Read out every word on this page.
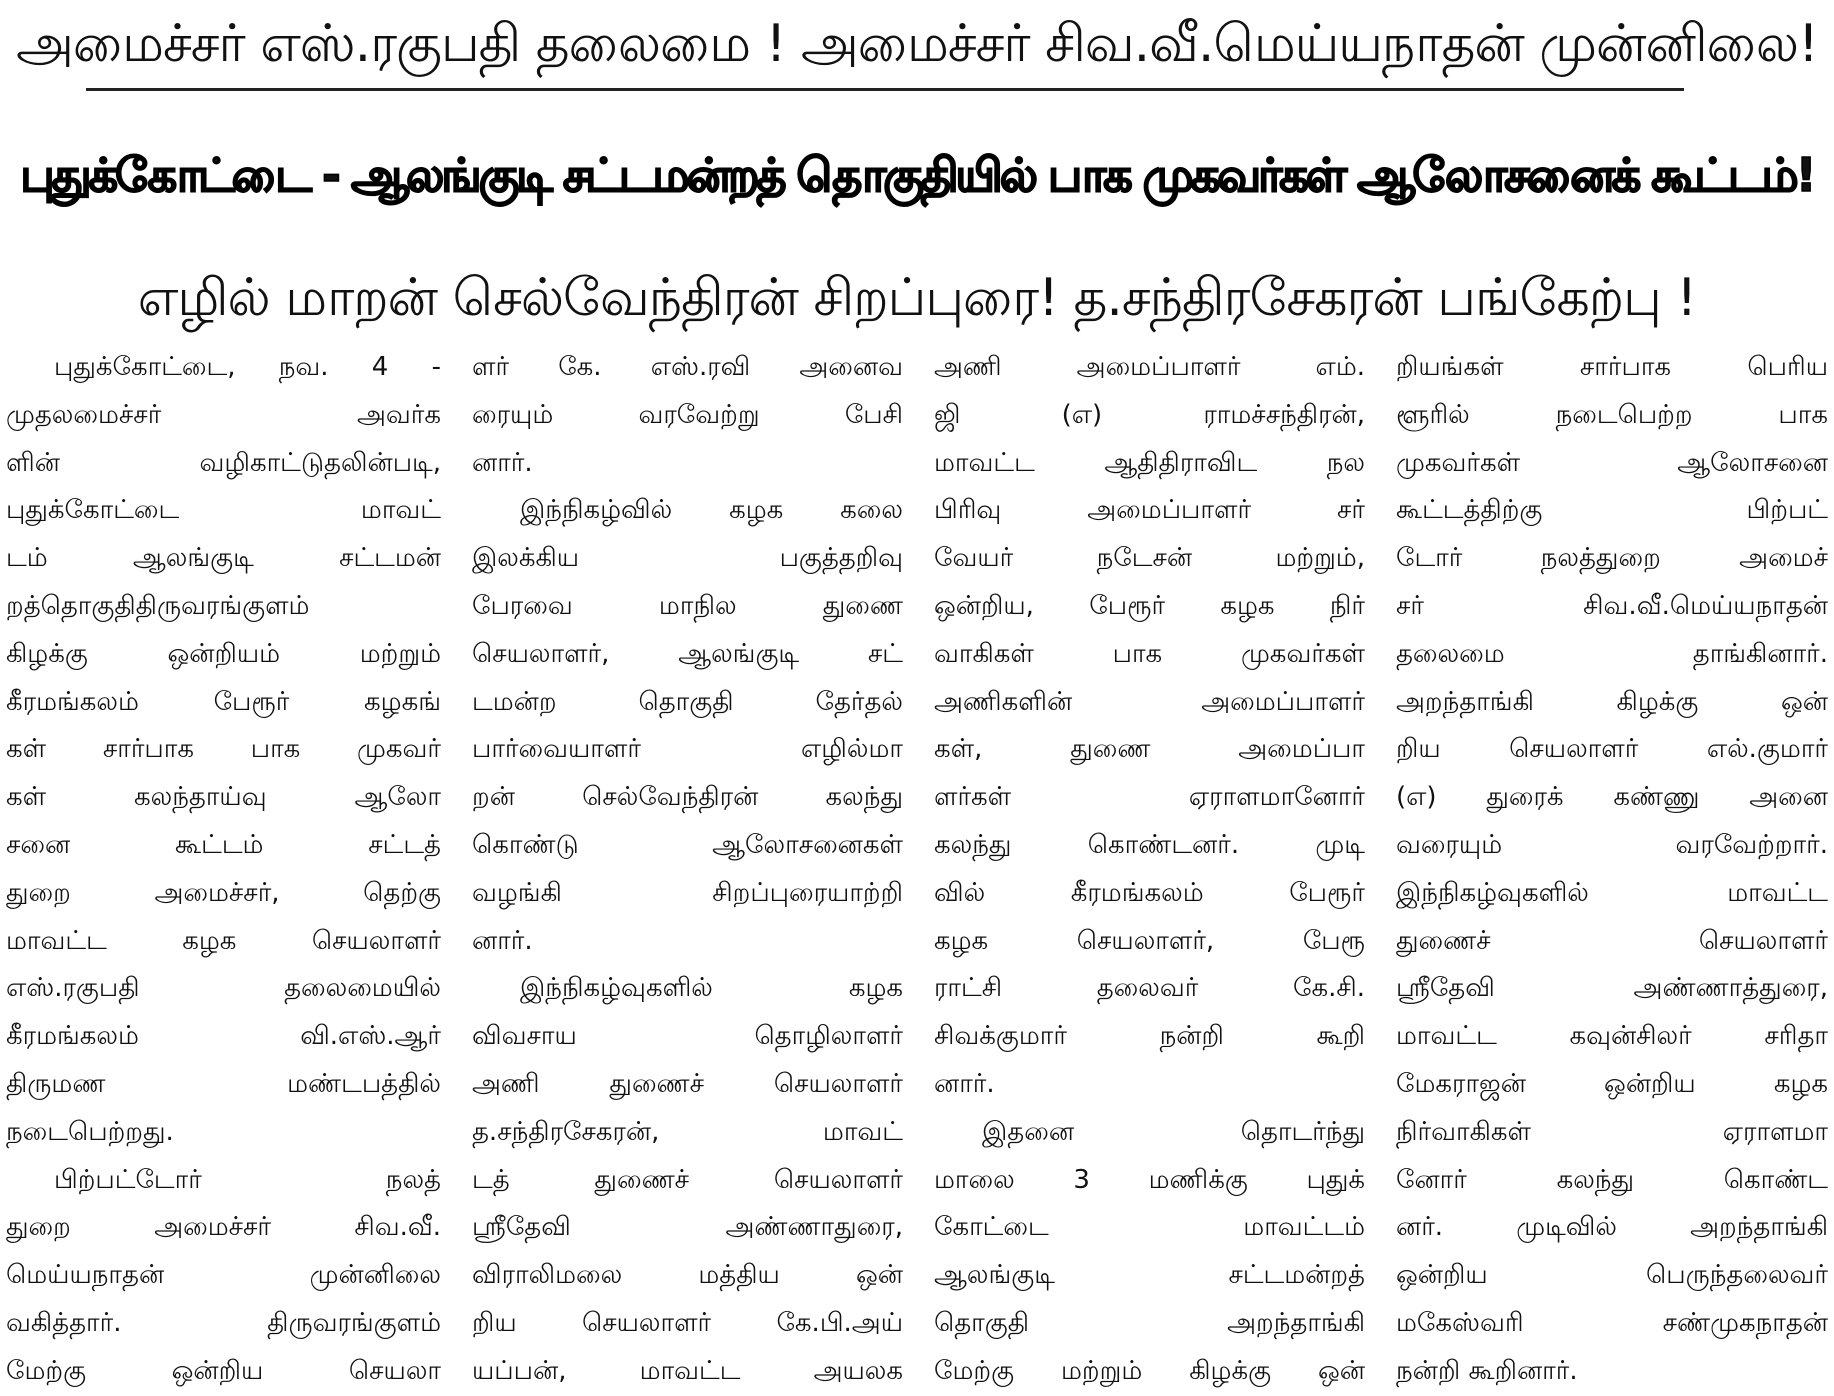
அமைச்சர் எஸ்.ரகுபதி தலைமை ! அமைச்சர் சிவ.வீ.மெய்யநாதன் முன்னிலை!
புதுக்கோட்டை - ஆலங்குடி சட்டமன்றத் தொகுதியில் பாக முகவர்கள் ஆலோசனைக் கூட்டம்!
எழில் மாறன் செல்வேந்திரன் சிறப்புரை! த.சந்திரசேகரன் பங்கேற்பு !
புதுக்கோட்டை, நவ. 4 -
முதலமைச்சர் அவர்க
ளின் வழிகாட்டுதலின்படி,
புதுக்கோட்டை மாவட்
டம் ஆலங்குடி சட்டமன்
றத்தொகுதிதிருவரங்குளம்
கிழக்கு ஒன்றியம் மற்றும்
கீரமங்கலம் பேரூர் கழகங்
கள் சார்பாக பாக முகவர்
கள் கலந்தாய்வு ஆலோ
சனை கூட்டம் சட்டத்
துறை அமைச்சர், தெற்கு
மாவட்ட கழக செயலாளர்
எஸ்.ரகுபதி தலைமையில்
கீரமங்கலம் வி.எஸ்.ஆர்
திருமண மண்டபத்தில்
நடைபெற்றது.
பிற்பட்டோர் நலத்
துறை அமைச்சர் சிவ.வீ.
மெய்யநாதன் முன்னிலை
வகித்தார். திருவரங்குளம்
மேற்கு ஒன்றிய செயலா
ளர் கே. எஸ்.ரவி அனைவ
ரையும் வரவேற்று பேசி
னார்.
இந்நிகழ்வில் கழக கலை
இலக்கிய பகுத்தறிவு
பேரவை மாநில துணை
செயலாளர், ஆலங்குடி சட்
டமன்ற தொகுதி தேர்தல்
பார்வையாளர் எழில்மா
றன் செல்வேந்திரன் கலந்து
கொண்டு ஆலோசனைகள்
வழங்கி சிறப்புரையாற்றி
னார்.
இந்நிகழ்வுகளில் கழக
விவசாய தொழிலாளர்
அணி துணைச் செயலாளர்
த.சந்திரசேகரன், மாவட்
டத் துணைச் செயலாளர்
ஸ்ரீதேவி அண்ணாதுரை,
விராலிமலை மத்திய ஒன்
றிய செயலாளர் கே.பி.அய்
யப்பன், மாவட்ட அயலக
அணி அமைப்பாளர் எம்.
ஜி (எ) ராமச்சந்திரன்,
மாவட்ட ஆதிதிராவிட நல
பிரிவு அமைப்பாளர் சர்
வேயர் நடேசன் மற்றும்,
ஒன்றிய, பேரூர் கழக நிர்
வாகிகள் பாக முகவர்கள்
அணிகளின் அமைப்பாளர்
கள், துணை அமைப்பா
ளர்கள் ஏராளமானோர்
கலந்து கொண்டனர். முடி
வில் கீரமங்கலம் பேரூர்
கழக செயலாளர், பேரூ
ராட்சி தலைவர் கே.சி.
சிவக்குமார் நன்றி கூறி
னார்.
இதனை தொடர்ந்து
மாலை 3 மணிக்கு புதுக்
கோட்டை மாவட்டம்
ஆலங்குடி சட்டமன்றத்
தொகுதி அறந்தாங்கி
மேற்கு மற்றும் கிழக்கு ஒன்
றியங்கள் சார்பாக பெரிய
ளூரில் நடைபெற்ற பாக
முகவர்கள் ஆலோசனை
கூட்டத்திற்கு பிற்பட்
டோர் நலத்துறை அமைச்
சர் சிவ.வீ.மெய்யநாதன்
தலைமை தாங்கினார்.
அறந்தாங்கி கிழக்கு ஒன்
றிய செயலாளர் எல்.குமார்
(எ) துரைக் கண்ணு அனை
வரையும் வரவேற்றார்.
இந்நிகழ்வுகளில் மாவட்ட
துணைச் செயலாளர்
ஸ்ரீதேவி அண்ணாத்துரை,
மாவட்ட கவுன்சிலர் சரிதா
மேகராஜன் ஒன்றிய கழக
நிர்வாகிகள் ஏராளமா
னோர் கலந்து கொண்ட
னர். முடிவில் அறந்தாங்கி
ஒன்றிய பெருந்தலைவர்
மகேஸ்வரி சண்முகநாதன்
நன்றி கூறினார்.
